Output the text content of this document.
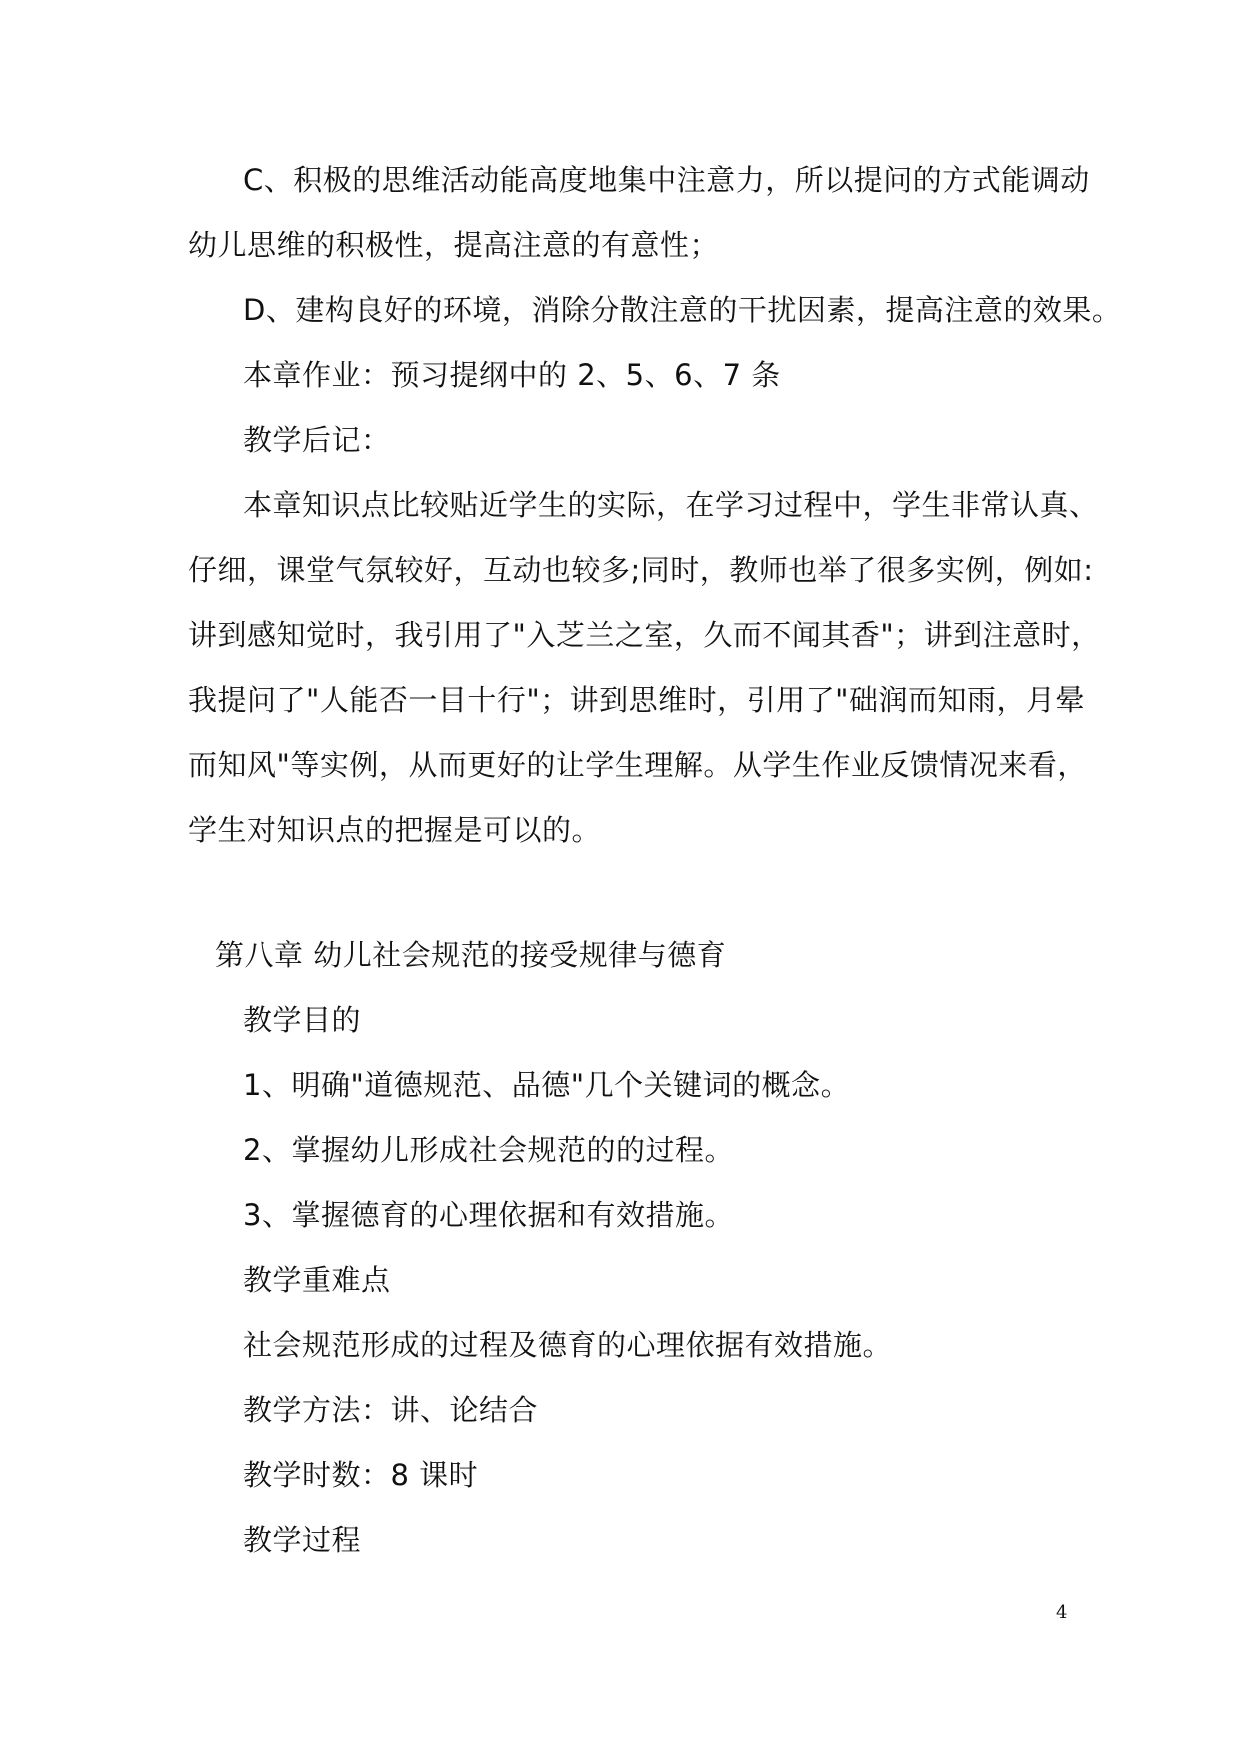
C、积极的思维活动能高度地集中注意力，所以提问的方式能调动
幼儿思维的积极性，提高注意的有意性；
D、建构良好的环境，消除分散注意的干扰因素，提高注意的效果。
本章作业：预习提纲中的 2、5、6、7 条
教学后记：
本章知识点比较贴近学生的实际，在学习过程中，学生非常认真、
仔细，课堂气氛较好，互动也较多;同时，教师也举了很多实例，例如:
讲到感知觉时，我引用了"入芝兰之室，久而不闻其香"；讲到注意时，
我提问了"人能否一目十行"；讲到思维时，引用了"础润而知雨，月晕
而知风"等实例，从而更好的让学生理解。从学生作业反馈情况来看，
学生对知识点的把握是可以的。
第八章 幼儿社会规范的接受规律与德育
教学目的
1、明确"道德规范、品德"几个关键词的概念。
2、掌握幼儿形成社会规范的的过程。
3、掌握德育的心理依据和有效措施。
教学重难点
社会规范形成的过程及德育的心理依据有效措施。
教学方法：讲、论结合
教学时数：8 课时
教学过程
4
